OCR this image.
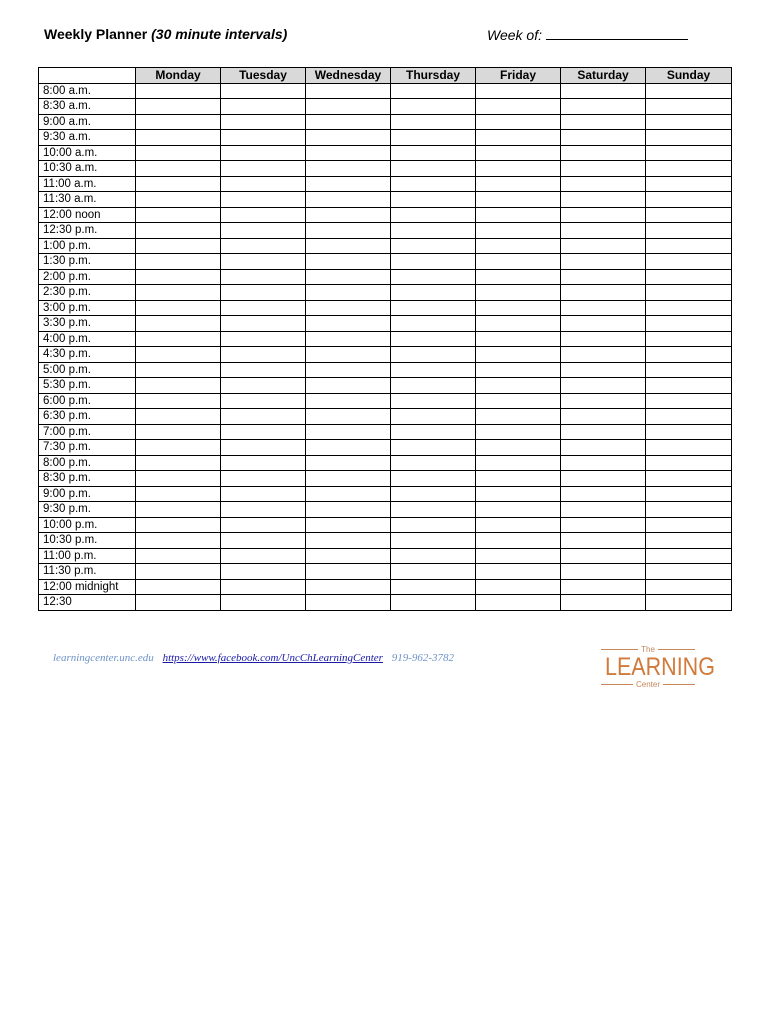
Weekly Planner (30 minute intervals)	Week of:
	Monday	Tuesday	Wednesday	Thursday	Friday	Saturday	Sunday
8:00 a.m.							
8:30 a.m.							
9:00 a.m.							
9:30 a.m.							
10:00 a.m.							
10:30 a.m.							
11:00 a.m.							
11:30 a.m.							
12:00 noon							
12:30 p.m.							
1:00 p.m.							
1:30 p.m.							
2:00 p.m.							
2:30 p.m.							
3:00 p.m.							
3:30 p.m.							
4:00 p.m.							
4:30 p.m.							
5:00 p.m.							
5:30 p.m.							
6:00 p.m.							
6:30 p.m.							
7:00 p.m.							
7:30 p.m.							
8:00 p.m.							
8:30 p.m.							
9:00 p.m.							
9:30 p.m.							
10:00 p.m.							
10:30 p.m.							
11:00 p.m.							
11:30 p.m.							
12:00 midnight							
12:30							
learningcenter.unc.edu https://www.facebook.com/UncChLearningCenter 919-962-3782
The
LEARNING
Center
